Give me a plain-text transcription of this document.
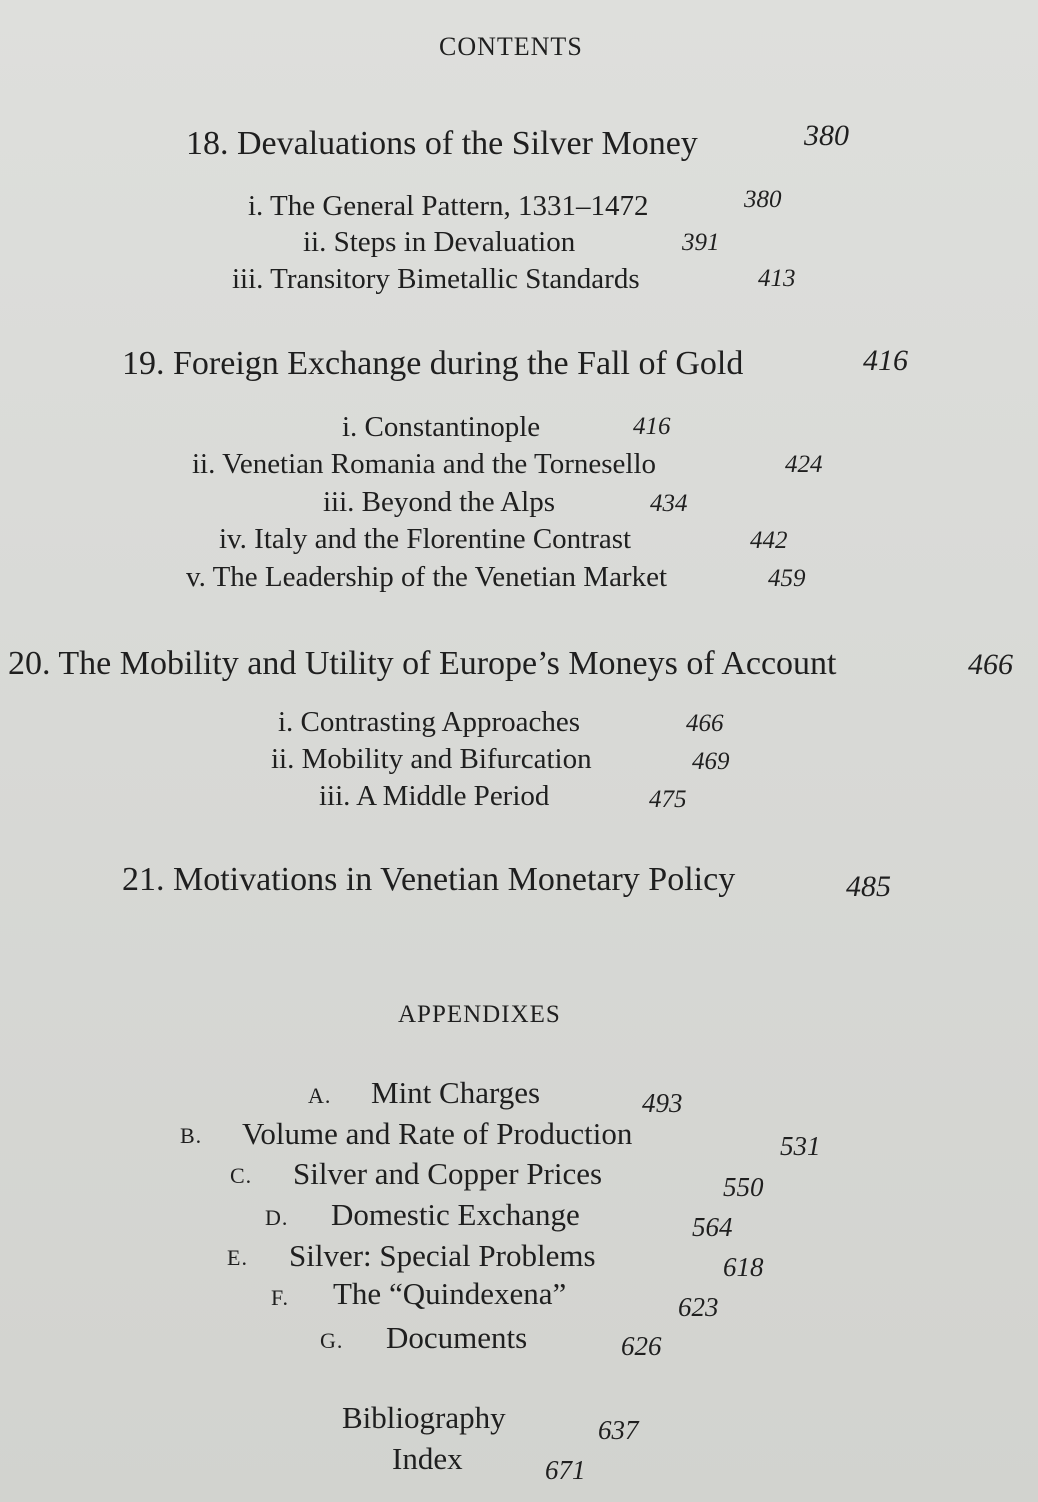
CONTENTS
18. Devaluations of the Silver Money	380
i. The General Pattern, 1331–1472	380
ii. Steps in Devaluation	391
iii. Transitory Bimetallic Standards	413
19. Foreign Exchange during the Fall of Gold	416
i. Constantinople	416
ii. Venetian Romania and the Tornesello	424
iii. Beyond the Alps	434
iv. Italy and the Florentine Contrast	442
v. The Leadership of the Venetian Market	459
20. The Mobility and Utility of Europe’s Moneys of Account	466
i. Contrasting Approaches	466
ii. Mobility and Bifurcation	469
iii. A Middle Period	475
21. Motivations in Venetian Monetary Policy	485
APPENDIXES
A. Mint Charges	493
B. Volume and Rate of Production	531
C. Silver and Copper Prices	550
D. Domestic Exchange	564
E. Silver: Special Problems	618
F. The “Quindexena”	623
G. Documents	626
Bibliography	637
Index	671
